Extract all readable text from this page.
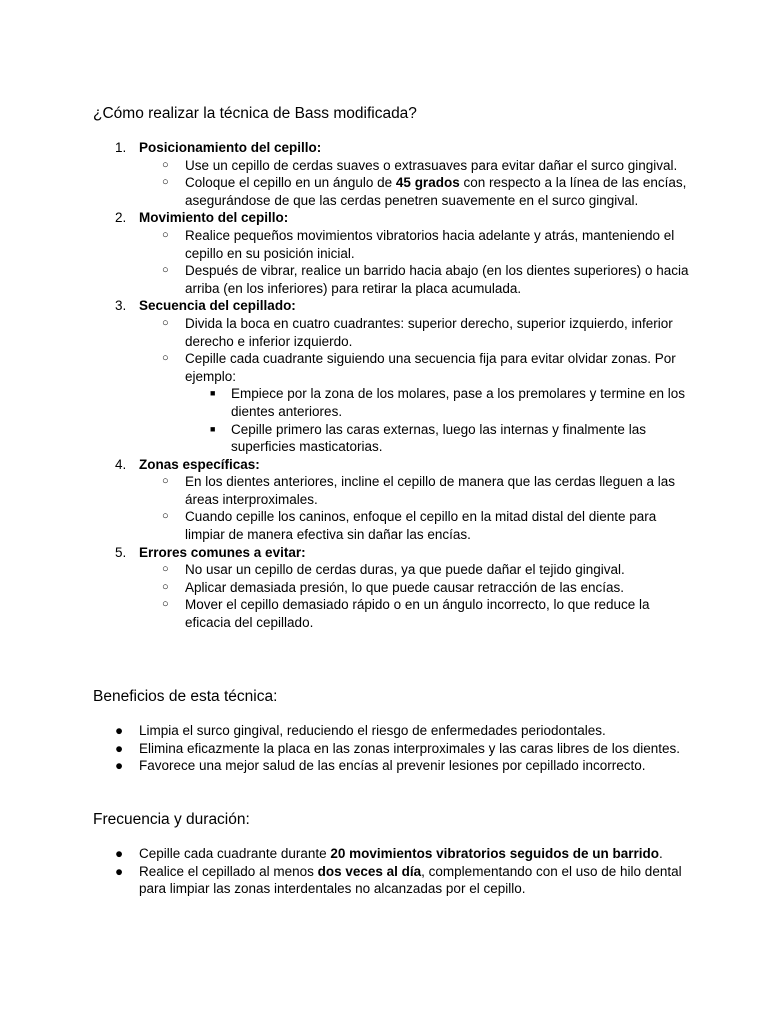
¿Cómo realizar la técnica de Bass modificada?
1. Posicionamiento del cepillo:
○ Use un cepillo de cerdas suaves o extrasuaves para evitar dañar el surco gingival.
○ Coloque el cepillo en un ángulo de 45 grados con respecto a la línea de las encías, asegurándose de que las cerdas penetren suavemente en el surco gingival.
2. Movimiento del cepillo:
○ Realice pequeños movimientos vibratorios hacia adelante y atrás, manteniendo el cepillo en su posición inicial.
○ Después de vibrar, realice un barrido hacia abajo (en los dientes superiores) o hacia arriba (en los inferiores) para retirar la placa acumulada.
3. Secuencia del cepillado:
○ Divida la boca en cuatro cuadrantes: superior derecho, superior izquierdo, inferior derecho e inferior izquierdo.
○ Cepille cada cuadrante siguiendo una secuencia fija para evitar olvidar zonas. Por ejemplo:
■ Empiece por la zona de los molares, pase a los premolares y termine en los dientes anteriores.
■ Cepille primero las caras externas, luego las internas y finalmente las superficies masticatorias.
4. Zonas específicas:
○ En los dientes anteriores, incline el cepillo de manera que las cerdas lleguen a las áreas interproximales.
○ Cuando cepille los caninos, enfoque el cepillo en la mitad distal del diente para limpiar de manera efectiva sin dañar las encías.
5. Errores comunes a evitar:
○ No usar un cepillo de cerdas duras, ya que puede dañar el tejido gingival.
○ Aplicar demasiada presión, lo que puede causar retracción de las encías.
○ Mover el cepillo demasiado rápido o en un ángulo incorrecto, lo que reduce la eficacia del cepillado.
Beneficios de esta técnica:
● Limpia el surco gingival, reduciendo el riesgo de enfermedades periodontales.
● Elimina eficazmente la placa en las zonas interproximales y las caras libres de los dientes.
● Favorece una mejor salud de las encías al prevenir lesiones por cepillado incorrecto.
Frecuencia y duración:
● Cepille cada cuadrante durante 20 movimientos vibratorios seguidos de un barrido.
● Realice el cepillado al menos dos veces al día, complementando con el uso de hilo dental para limpiar las zonas interdentales no alcanzadas por el cepillo.
